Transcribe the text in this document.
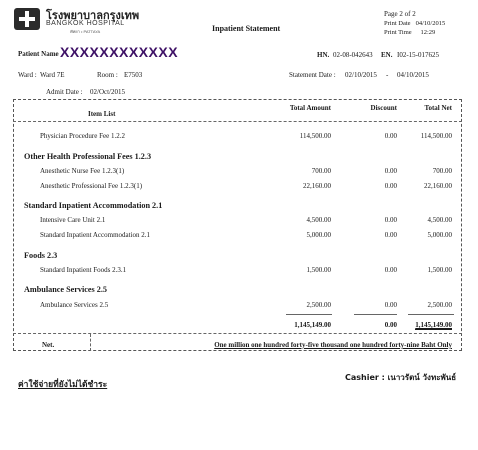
โรงพยาบาลกรุงเทพ
BANGKOK HOSPITAL
พัทยา • PATTAYA	Inpatient Statement
Page 2 of 2
Print Date 04/10/2015
Print Time 12:29
Patient Name XXXXXXXXXXXX	HN. 02-08-042643 EN. I02-15-017625
Ward : Ward 7E	Room : E7503	Statement Date : 02/10/2015 - 04/10/2015
Admit Date : 02/Oct/2015
Item List
Total Amount	Discount	Total Net
Physician Procedure Fee 1.2.2	114,500.00	0.00	114,500.00
Other Health Professional Fees 1.2.3
Anesthetic Nurse Fee 1.2.3(1)	700.00	0.00	700.00
Anesthetic Professional Fee 1.2.3(1)	22,160.00	0.00	22,160.00
Standard Inpatient Accommodation 2.1
Intensive Care Unit 2.1	4,500.00	0.00	4,500.00
Standard Inpatient Accommodation 2.1	5,000.00	0.00	5,000.00
Foods 2.3
Standard Inpatient Foods 2.3.1	1,500.00	0.00	1,500.00
Ambulance Services 2.5
Ambulance Services 2.5	2,500.00	0.00	2,500.00
1,145,149.00	0.00	1,145,149.00
Net.	One million one hundred forty-five thousand one hundred forty-nine Baht Only
Cashier : เนาวรัตน์ วังทะพันธ์
ค่าใช้จ่ายที่ยังไม่ได้ชำระ
